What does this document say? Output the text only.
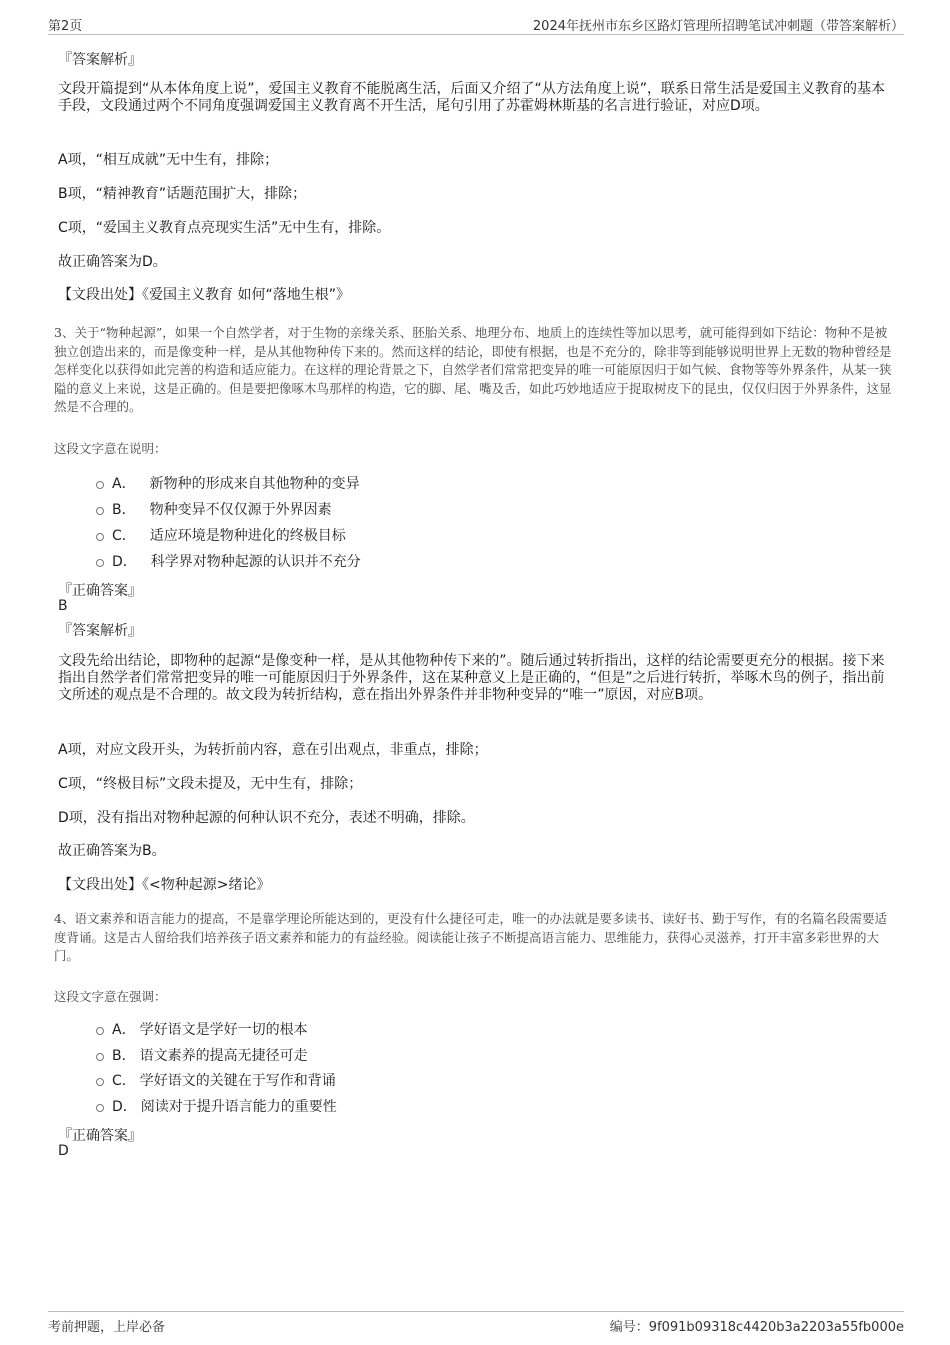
第2页	2024年抚州市东乡区路灯管理所招聘笔试冲刺题（带答案解析）
『答案解析』
文段开篇提到“从本体角度上说”，爱国主义教育不能脱离生活，后面又介绍了“从方法角度上说”，联系日常生活是爱国主义教育的基本手段，文段通过两个不同角度强调爱国主义教育离不开生活，尾句引用了苏霍姆林斯基的名言进行验证，对应D项。
A项，“相互成就”无中生有，排除；
B项，“精神教育”话题范围扩大，排除；
C项，“爱国主义教育点亮现实生活”无中生有，排除。
故正确答案为D。
【文段出处】《爱国主义教育 如何“落地生根”》
3、关于“物种起源”，如果一个自然学者，对于生物的亲缘关系、胚胎关系、地理分布、地质上的连续性等加以思考，就可能得到如下结论：物种不是被独立创造出来的，而是像变种一样，是从其他物种传下来的。然而这样的结论，即使有根据，也是不充分的，除非等到能够说明世界上无数的物种曾经是怎样变化以获得如此完善的构造和适应能力。在这样的理论背景之下，自然学者们常常把变异的唯一可能原因归于如气候、食物等等外界条件，从某一狭隘的意义上来说，这是正确的。但是要把像啄木鸟那样的构造，它的脚、尾、嘴及舌，如此巧妙地适应于捉取树皮下的昆虫，仅仅归因于外界条件，这显然是不合理的。
这段文字意在说明：
A． 新物种的形成来自其他物种的变异
B． 物种变异不仅仅源于外界因素
C． 适应环境是物种进化的终极目标
D． 科学界对物种起源的认识并不充分
『正确答案』
B
『答案解析』
文段先给出结论，即物种的起源“是像变种一样，是从其他物种传下来的”。随后通过转折指出，这样的结论需要更充分的根据。接下来指出自然学者们常常把变异的唯一可能原因归于外界条件，这在某种意义上是正确的，“但是”之后进行转折，举啄木鸟的例子，指出前文所述的观点是不合理的。故文段为转折结构，意在指出外界条件并非物种变异的“唯一”原因，对应B项。
A项，对应文段开头，为转折前内容，意在引出观点，非重点，排除；
C项，“终极目标”文段未提及，无中生有，排除；
D项，没有指出对物种起源的何种认识不充分，表述不明确，排除。
故正确答案为B。
【文段出处】《<物种起源>绪论》
4、语文素养和语言能力的提高，不是靠学理论所能达到的，更没有什么捷径可走，唯一的办法就是要多读书、读好书、勤于写作，有的名篇名段需要适度背诵。这是古人留给我们培养孩子语文素养和能力的有益经验。阅读能让孩子不断提高语言能力、思维能力，获得心灵滋养，打开丰富多彩世界的大门。
这段文字意在强调：
A． 学好语文是学好一切的根本
B． 语文素养的提高无捷径可走
C． 学好语文的关键在于写作和背诵
D． 阅读对于提升语言能力的重要性
『正确答案』
D
考前押题，上岸必备	编号：9f091b09318c4420b3a2203a55fb000e
